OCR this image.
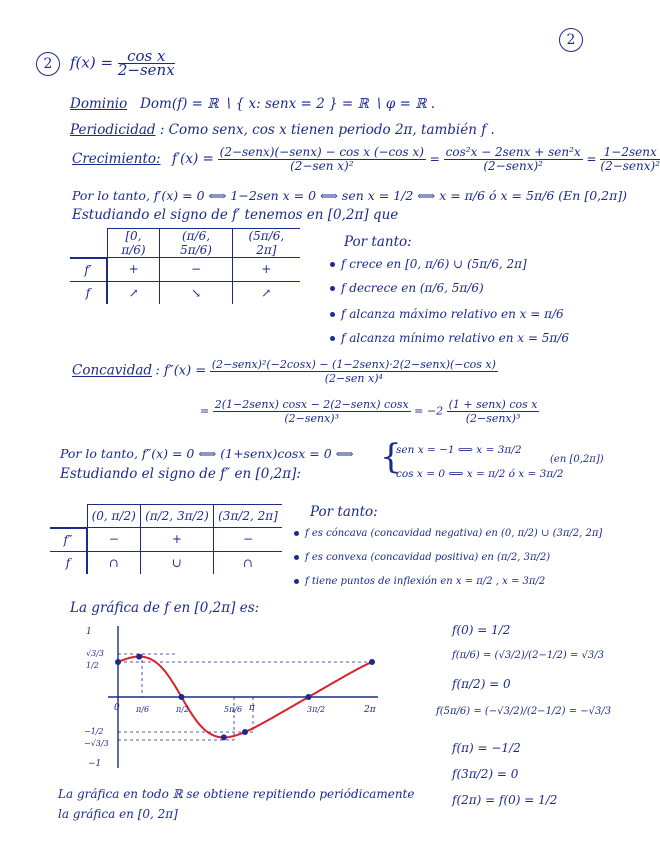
2
2	$f(x) = \frac{\text{cos x}}{\text{2−senx}}$
Dominio Dom(f) = ℝ ∖ { x: senx = 2 } = ℝ ∖ φ = ℝ .
Periodicidad : Como senx, cos x tienen periodo 2π, también f .
Crecimiento: $f'(x) = \frac{\text{(2−senx)(−senx) − cos x (−cos x)}}{\text{(2−sen x)²}} = \frac{\text{cos²x − 2senx + sen²x}}{\text{(2−senx)²}} = \frac{\text{1−2senx}}{\text{(2−senx)²}}$
Por lo tanto, f′(x) = 0 ⟺ 1−2sen x = 0 ⟺ sen x = 1/2 ⟺ x = π/6 ó x = 5π/6 (En [0,2π])
Estudiando el signo de f′ tenemos en [0,2π] que
	[0, π/6)	(π/6, 5π/6)	(5π/6, 2π]
f′	+	−	+
f	↗	↘	↗
Por tanto:
f crece en [0, π/6) ∪ (5π/6, 2π]
f decrece en (π/6, 5π/6)
f alcanza máximo relativo en x = π/6
f alcanza mínimo relativo en x = 5π/6
Concavidad : $f''(x) = \frac{\text{(2−senx)²(−2cosx) − (1−2senx)·2(2−senx)(−cos x)}}{\text{(2−sen x)⁴}}$
= $\frac{\text{2(1−2senx) cosx − 2(2−senx) cosx}}{\text{(2−senx)³}} = -2 \frac{\text{(1 + senx) cos x}}{\text{(2−senx)³}}$
Por lo tanto, f″(x) = 0 ⟺ (1+senx)cosx = 0 ⟺
Estudiando el signo de f″ en [0,2π]: {
sen x = −1 ⟺ x = 3π/2
cos x = 0 ⟺ x = π/2 ó x = 3π/2
(en [0,2π])
	(0, π/2)	(π/2, 3π/2)	(3π/2, 2π]
f″	−	+	−
f	∩	∪	∩
Por tanto:
f es cóncava (concavidad negativa) en (0, π/2) ∪ (3π/2, 2π]
f es convexa (concavidad positiva) en (π/2, 3π/2)
f tiene puntos de inflexión en x = π/2 , x = 3π/2
La gráfica de f en [0,2π] es:
1
√3/3
1/2
−1/2
−√3/3
−1
0 π/6	π/2	5π/6 π	3π/2	2π
f(0) = 1/2
f(π/6) = (√3/2)/(2−1/2) = √3/3
f(π/2) = 0
f(5π/6) = (−√3/2)/(2−1/2) = −√3/3
f(π) = −1/2
f(3π/2) = 0
f(2π) = f(0) = 1/2
La gráfica en todo ℝ se obtiene repitiendo periódicamente
la gráfica en [0, 2π]
